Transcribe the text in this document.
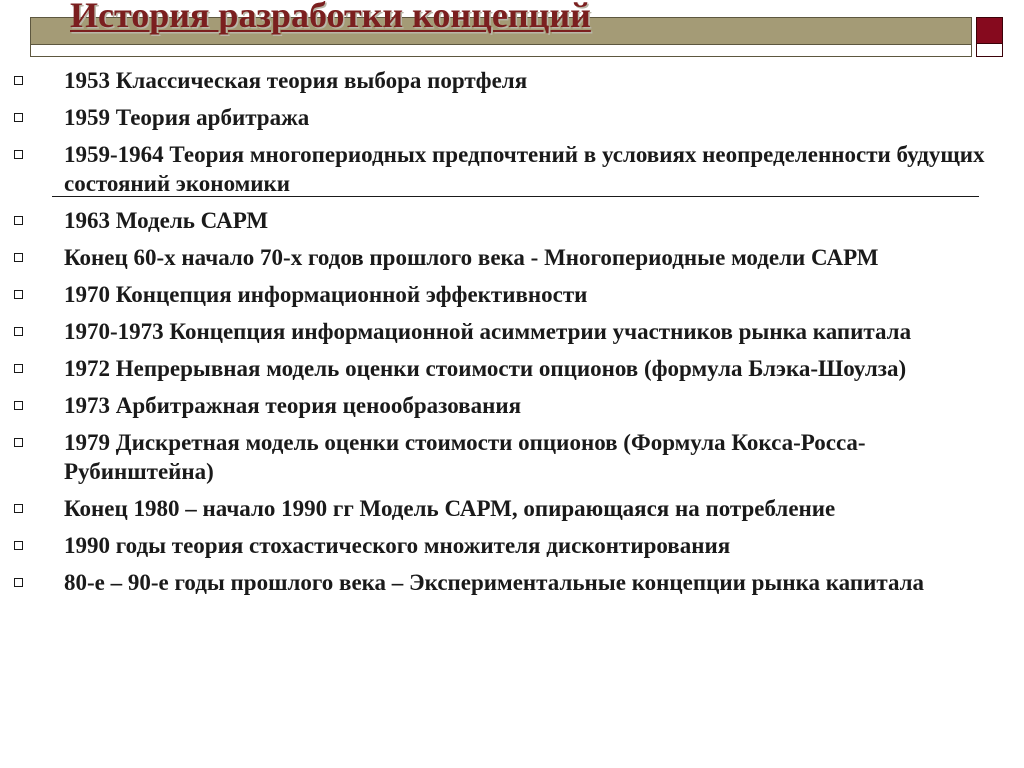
История разработки концепций
1953 Классическая теория выбора портфеля
1959 Теория арбитража
1959-1964 Теория многопериодных предпочтений в условиях неопределенности будущих состояний экономики
1963 Модель САРМ
Конец 60-х начало 70-х годов прошлого века - Многопериодные модели САРМ
1970 Концепция информационной эффективности
1970-1973 Концепция информационной асимметрии участников рынка капитала
1972 Непрерывная модель оценки стоимости опционов (формула Блэка-Шоулза)
1973 Арбитражная теория ценообразования
1979 Дискретная модель оценки стоимости опционов (Формула Кокса-Росса-Рубинштейна)
Конец 1980 – начало 1990 гг Модель САРМ, опирающаяся на потребление
1990 годы теория стохастического множителя дисконтирования
80-е – 90-е годы прошлого века – Экспериментальные концепции рынка капитала
